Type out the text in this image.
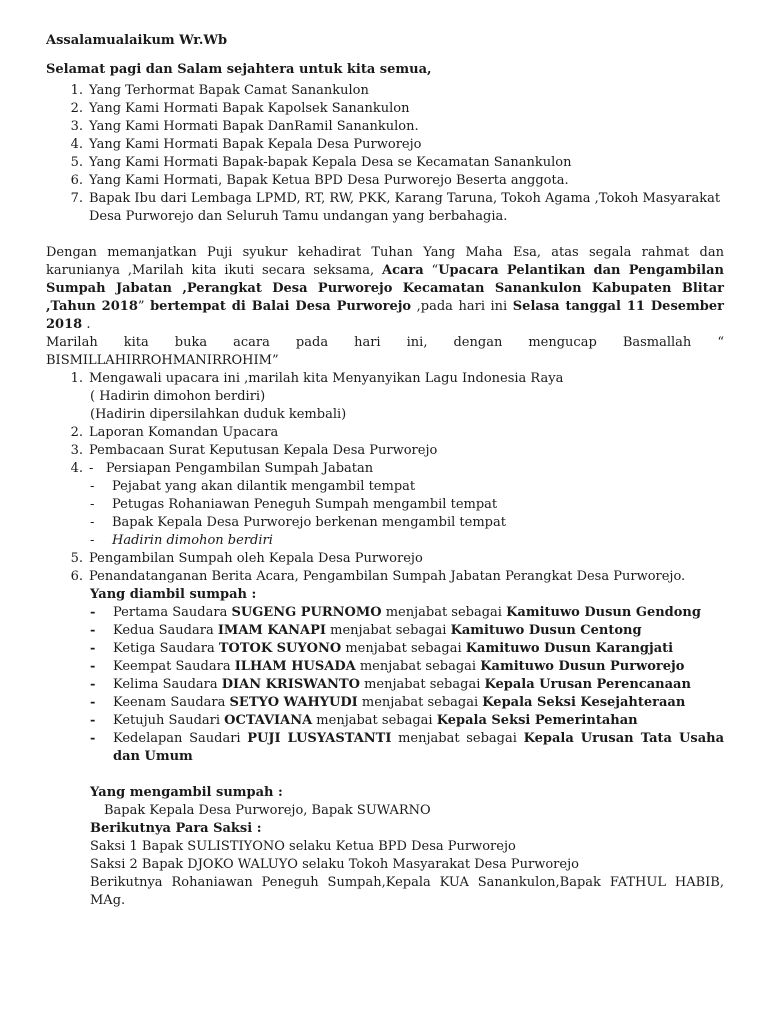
Assalamualaikum Wr.Wb

Selamat pagi dan Salam sejahtera untuk kita semua,

1. Yang Terhormat Bapak Camat Sanankulon
2. Yang Kami Hormati Bapak Kapolsek Sanankulon
3. Yang Kami Hormati Bapak DanRamil Sanankulon.
4. Yang Kami Hormati Bapak Kepala Desa Purworejo
5. Yang Kami Hormati Bapak-bapak Kepala Desa se Kecamatan Sanankulon
6. Yang Kami Hormati, Bapak Ketua BPD Desa Purworejo Beserta anggota.
7. Bapak Ibu dari Lembaga LPMD, RT, RW, PKK, Karang Taruna, Tokoh Agama ,Tokoh Masyarakat Desa Purworejo dan Seluruh Tamu undangan yang berbahagia.

Dengan memanjatkan Puji syukur kehadirat Tuhan Yang Maha Esa, atas segala rahmat dan karunianya ,Marilah kita ikuti secara seksama, Acara “Upacara Pelantikan dan Pengambilan Sumpah Jabatan ,Perangkat Desa Purworejo Kecamatan Sanankulon Kabupaten Blitar ,Tahun 2018” bertempat di Balai Desa Purworejo ,pada hari ini Selasa tanggal 11 Desember 2018 .

Marilah kita buka acara pada hari ini, dengan mengucap Basmallah “ BISMILLAHIRROHMANIRROHIM”

1. Mengawali upacara ini ,marilah kita Menyanyikan Lagu Indonesia Raya
( Hadirin dimohon berdiri)
(Hadirin dipersilahkan duduk kembali)
2. Laporan Komandan Upacara
3. Pembacaan Surat Keputusan Kepala Desa Purworejo
4. - Persiapan Pengambilan Sumpah Jabatan
-	Pejabat yang akan dilantik mengambil tempat
-	Petugas Rohaniawan Peneguh Sumpah mengambil tempat
-	Bapak Kepala Desa Purworejo berkenan mengambil tempat
-	Hadirin dimohon berdiri
5. Pengambilan Sumpah oleh Kepala Desa Purworejo
6. Penandatanganan Berita Acara, Pengambilan Sumpah Jabatan Perangkat Desa Purworejo.

Yang diambil sumpah :

-	Pertama Saudara SUGENG PURNOMO menjabat sebagai Kamituwo Dusun Gendong
-	Kedua Saudara IMAM KANAPI menjabat sebagai Kamituwo Dusun Centong
-	Ketiga Saudara TOTOK SUYONO menjabat sebagai Kamituwo Dusun Karangjati
-	Keempat Saudara ILHAM HUSADA menjabat sebagai Kamituwo Dusun Purworejo
-	Kelima Saudara DIAN KRISWANTO menjabat sebagai Kepala Urusan Perencanaan
-	Keenam Saudara SETYO WAHYUDI menjabat sebagai Kepala Seksi Kesejahteraan
-	Ketujuh Saudari OCTAVIANA menjabat sebagai Kepala Seksi Pemerintahan
-	Kedelapan Saudari PUJI LUSYASTANTI menjabat sebagai Kepala Urusan Tata Usaha dan Umum

Yang mengambil sumpah :

Bapak Kepala Desa Purworejo, Bapak SUWARNO

Berikutnya Para Saksi :

Saksi 1 Bapak SULISTIYONO selaku Ketua BPD Desa Purworejo

Saksi 2 Bapak DJOKO WALUYO selaku Tokoh Masyarakat Desa Purworejo

Berikutnya Rohaniawan Peneguh Sumpah,Kepala KUA Sanankulon,Bapak FATHUL HABIB, MAg.
